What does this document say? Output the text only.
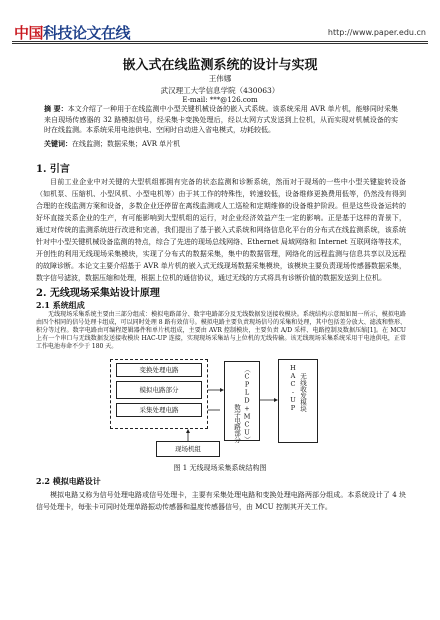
中国科技论文在线	http://www.paper.edu.cn
嵌入式在线监测系统的设计与实现
王伟娜
武汉理工大学信息学院（430063）
E-mail: ***@126.com
摘 要：本文介绍了一种用于在线监测中小型关键机械设备的嵌入式系统。该系统采用 AVR 单片机，能够同时采集来自现场传感器的 32 路模拟信号，经采集卡变换处理后，经以太网方式发送到上位机，从而实现对机械设备的实时在线监测。本系统采用电池供电、空闲时自动进入省电模式，功耗较低。
关键词：在线监测；数据采集；AVR 单片机
1. 引言
目前工业企业中对关键的大型机组都拥有完备的状态监测和诊断系统，然而对于现场的一些中小型关键旋转设备（如机泵、压缩机、小型风机、小型电机等）由于其工作的特殊性，转速较低，设备维修更换费用低等，仍然没有得到合理的在线监测方案和设备，多数企业还停留在离线监测或人工巡检和定期维修的设备维护阶段。但是这些设备运转的好坏直接关系企业的生产，有可能影响到大型机组的运行，对企业经济效益产生一定的影响。正是基于这样的背景下，通过对传统的监测系统进行改进和完善，我们提出了基于嵌入式系统和网络信息化平台的分布式在线监测系统，该系统针对中小型关键机械设备监测的特点，综合了先进的现场总线网络、Ethernet 局域网络和 Internet 互联网络等技术，开创性的利用无线现场采集模块，实现了分布式的数据采集，集中的数据管理，网络化的远程监测与信息共享以及远程的故障诊断。本论文主要介绍基于 AVR 单片机的嵌入式无线现场数据采集模块，该模块主要负责现场传感器数据采集，数字信号滤波，数据压缩和处理，根据上位机的通信协议，通过无线的方式将具有诊断价值的数据发送到上位机。
2. 无线现场采集站设计原理
2.1 系统组成
变换处理电路
模拟电路部分
采集处理电路	数字电路部分 （CPLD+MCU）	HAC-UP 无线收发模块
现场机组
图 1 无线现场采集系统结构图
无线现场采集系统主要由三部分组成：模拟电路部分、数字电路部分及无线数据发送接收模块。系统结构示意图如图一所示，模拟电路由四个相同的信号处理卡组成，可以同时处理 8 路有效信号。模拟电路主要负责现场信号的采集和处理，其中包括差分放大、滤波和整形、积分等过程。数字电路由可编程逻辑器件和单片机组成，主要由 AVR 控制模块，主要负责 A/D 采样、电路控制及数据压缩[1]。在 MCU 上有一个串口与无线数据发送接收模块 HAC-UP 连接，实现现场采集站与上位机的无线传输。该无线现场采集系统采用干电池供电，正常工作电池寿命不少于 180 天。
2.2 模拟电路设计
模拟电路又称为信号处理电路或信号处理卡，主要有采集处理电路和变换处理电路两部分组成。本系统设计了 4 块信号处理卡，每张卡可同时处理单路振动传感器和温度传感器信号，由 MCU 控制其开关工作。
